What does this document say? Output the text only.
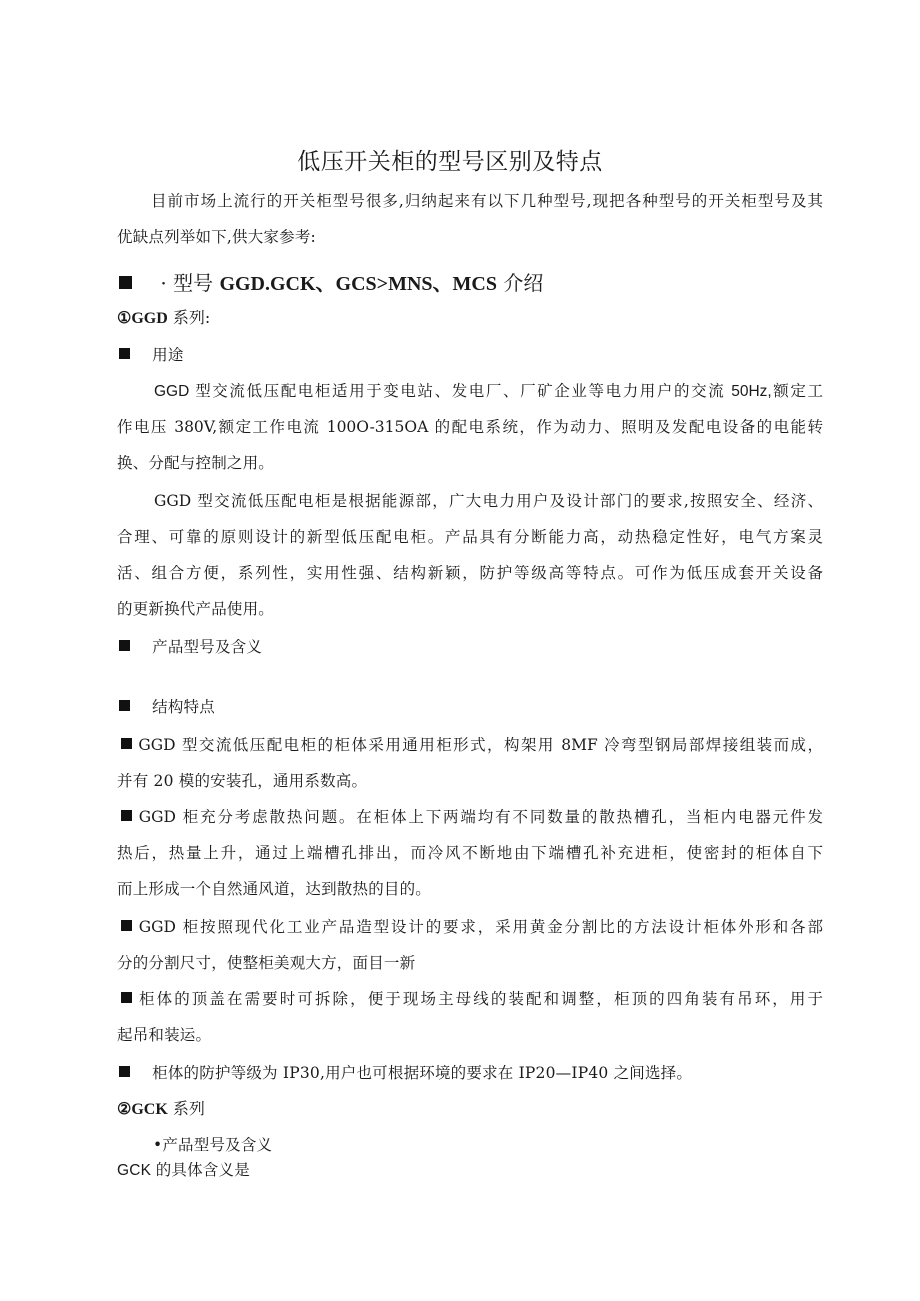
低压开关柜的型号区别及特点
目前市场上流行的开关柜型号很多,归纳起来有以下几种型号,现把各种型号的开关柜型号及其
优缺点列举如下,供大家参考:
· 型号 GGD.GCK、GCS>MNS、MCS 介绍
①GGD 系列:
用途
GGD 型交流低压配电柜适用于变电站、发电厂、厂矿企业等电力用户的交流 50Hz,额定工
作电压 380V,额定工作电流 100O-315OA 的配电系统，作为动力、照明及发配电设备的电能转
换、分配与控制之用。
GGD 型交流低压配电柜是根据能源部，广大电力用户及设计部门的要求,按照安全、经济、
合理、可靠的原则设计的新型低压配电柜。产品具有分断能力高，动热稳定性好，电气方案灵
活、组合方便，系列性，实用性强、结构新颖，防护等级高等特点。可作为低压成套开关设备
的更新换代产品使用。
产品型号及含义
结构特点
GGD 型交流低压配电柜的柜体采用通用柜形式，构架用 8MF 冷弯型钢局部焊接组装而成，
并有 20 模的安装孔，通用系数高。
GGD 柜充分考虑散热问题。在柜体上下两端均有不同数量的散热槽孔，当柜内电器元件发
热后，热量上升，通过上端槽孔排出，而冷风不断地由下端槽孔补充进柜，使密封的柜体自下
而上形成一个自然通风道，达到散热的目的。
GGD 柜按照现代化工业产品造型设计的要求，采用黄金分割比的方法设计柜体外形和各部
分的分割尺寸，使整柜美观大方，面目一新
柜体的顶盖在需要时可拆除，便于现场主母线的装配和调整，柜顶的四角装有吊环，用于
起吊和装运。
柜体的防护等级为 IP30,用户也可根据环境的要求在 IP20—IP40 之间选择。
②GCK 系列
•产品型号及含义
GCK 的具体含义是
